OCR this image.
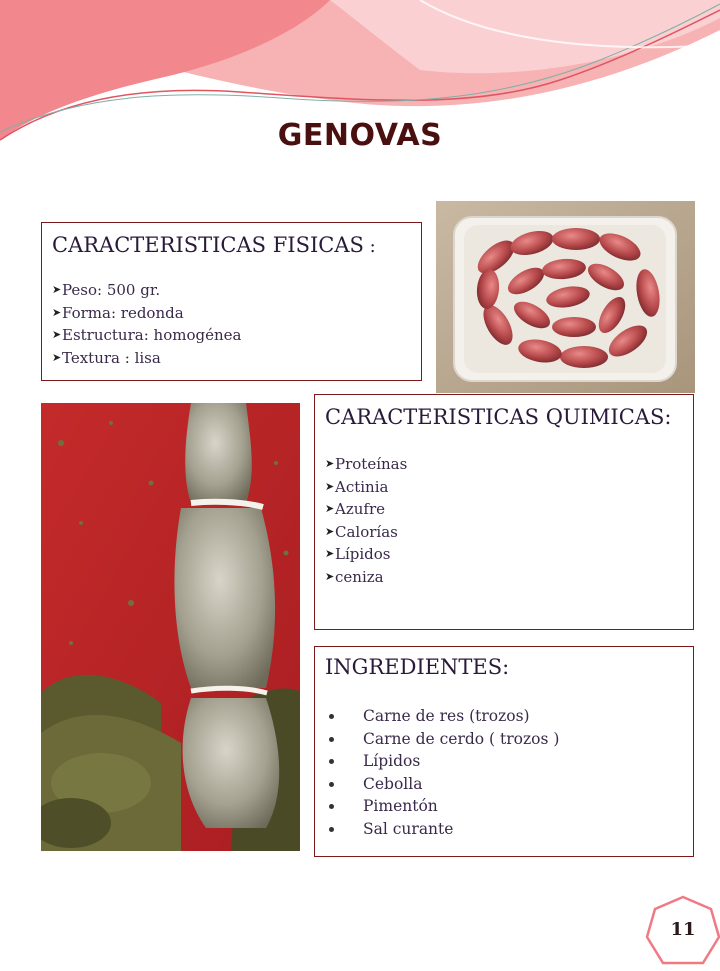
GENOVAS
CARACTERISTICAS FISICAS :
➤ Peso: 500 gr.
➤ Forma: redonda
➤ Estructura: homogénea
➤ Textura : lisa
CARACTERISTICAS QUIMICAS:
➤ Proteínas
➤ Actinia
➤ Azufre
➤ Calorías
➤ Lípidos
➤ ceniza
INGREDIENTES:
Carne de res (trozos)
Carne de cerdo ( trozos )
Lípidos
Cebolla
Pimentón
Sal curante
11
